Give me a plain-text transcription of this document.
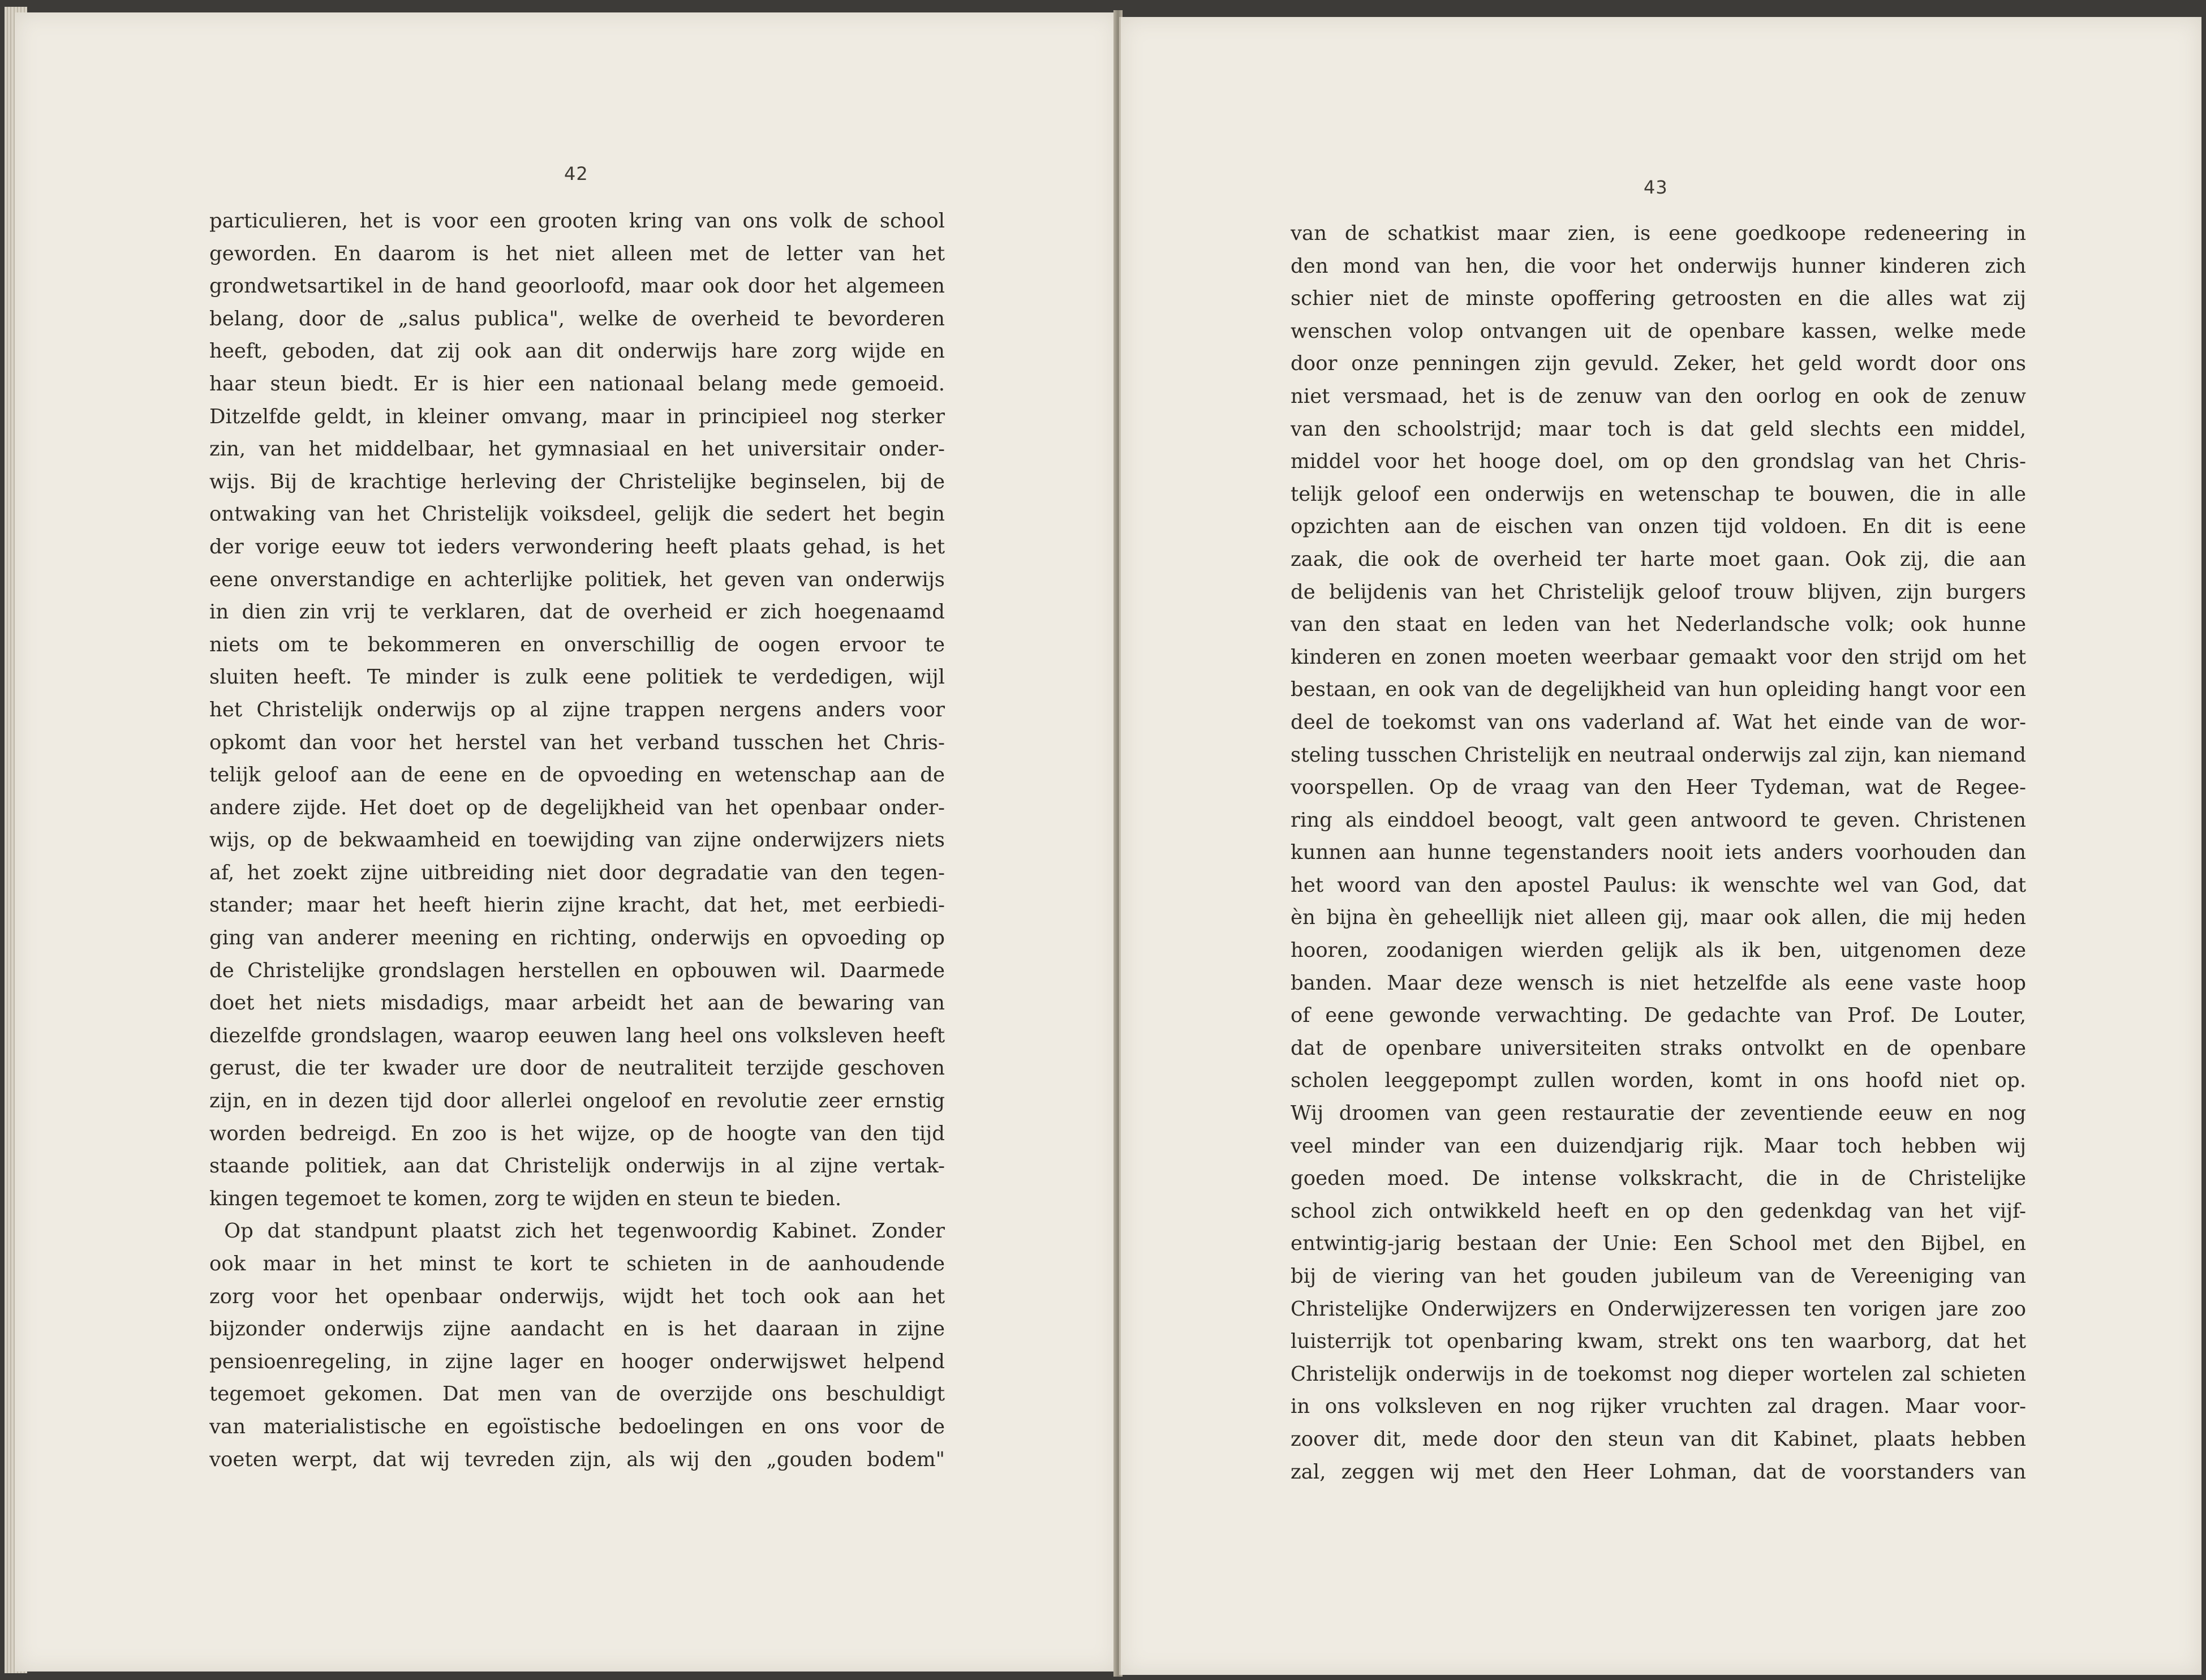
42
43
particulieren, het is voor een grooten kring van ons volk de school
geworden. En daarom is het niet alleen met de letter van het
grondwetsartikel in de hand geoorloofd, maar ook door het algemeen
belang, door de „salus publica", welke de overheid te bevorderen
heeft, geboden, dat zij ook aan dit onderwijs hare zorg wijde en
haar steun biedt. Er is hier een nationaal belang mede gemoeid.
Ditzelfde geldt, in kleiner omvang, maar in principieel nog sterker
zin, van het middelbaar, het gymnasiaal en het universitair onder-
wijs. Bij de krachtige herleving der Christelijke beginselen, bij de
ontwaking van het Christelijk voiksdeel, gelijk die sedert het begin
der vorige eeuw tot ieders verwondering heeft plaats gehad, is het
eene onverstandige en achterlijke politiek, het geven van onderwijs
in dien zin vrij te verklaren, dat de overheid er zich hoegenaamd
niets om te bekommeren en onverschillig de oogen ervoor te
sluiten heeft. Te minder is zulk eene politiek te verdedigen, wijl
het Christelijk onderwijs op al zijne trappen nergens anders voor
opkomt dan voor het herstel van het verband tusschen het Chris-
telijk geloof aan de eene en de opvoeding en wetenschap aan de
andere zijde. Het doet op de degelijkheid van het openbaar onder-
wijs, op de bekwaamheid en toewijding van zijne onderwijzers niets
af, het zoekt zijne uitbreiding niet door degradatie van den tegen-
stander; maar het heeft hierin zijne kracht, dat het, met eerbiedi-
ging van anderer meening en richting, onderwijs en opvoeding op
de Christelijke grondslagen herstellen en opbouwen wil. Daarmede
doet het niets misdadigs, maar arbeidt het aan de bewaring van
diezelfde grondslagen, waarop eeuwen lang heel ons volksleven heeft
gerust, die ter kwader ure door de neutraliteit terzijde geschoven
zijn, en in dezen tijd door allerlei ongeloof en revolutie zeer ernstig
worden bedreigd. En zoo is het wijze, op de hoogte van den tijd
staande politiek, aan dat Christelijk onderwijs in al zijne vertak-
kingen tegemoet te komen, zorg te wijden en steun te bieden.
Op dat standpunt plaatst zich het tegenwoordig Kabinet. Zonder
ook maar in het minst te kort te schieten in de aanhoudende
zorg voor het openbaar onderwijs, wijdt het toch ook aan het
bijzonder onderwijs zijne aandacht en is het daaraan in zijne
pensioenregeling, in zijne lager en hooger onderwijswet helpend
tegemoet gekomen. Dat men van de overzijde ons beschuldigt
van materialistische en egoïstische bedoelingen en ons voor de
voeten werpt, dat wij tevreden zijn, als wij den „gouden bodem"
van de schatkist maar zien, is eene goedkoope redeneering in
den mond van hen, die voor het onderwijs hunner kinderen zich
schier niet de minste opoffering getroosten en die alles wat zij
wenschen volop ontvangen uit de openbare kassen, welke mede
door onze penningen zijn gevuld. Zeker, het geld wordt door ons
niet versmaad, het is de zenuw van den oorlog en ook de zenuw
van den schoolstrijd; maar toch is dat geld slechts een middel,
middel voor het hooge doel, om op den grondslag van het Chris-
telijk geloof een onderwijs en wetenschap te bouwen, die in alle
opzichten aan de eischen van onzen tijd voldoen. En dit is eene
zaak, die ook de overheid ter harte moet gaan. Ook zij, die aan
de belijdenis van het Christelijk geloof trouw blijven, zijn burgers
van den staat en leden van het Nederlandsche volk; ook hunne
kinderen en zonen moeten weerbaar gemaakt voor den strijd om het
bestaan, en ook van de degelijkheid van hun opleiding hangt voor een
deel de toekomst van ons vaderland af. Wat het einde van de wor-
steling tusschen Christelijk en neutraal onderwijs zal zijn, kan niemand
voorspellen. Op de vraag van den Heer Tydeman, wat de Regee-
ring als einddoel beoogt, valt geen antwoord te geven. Christenen
kunnen aan hunne tegenstanders nooit iets anders voorhouden dan
het woord van den apostel Paulus: ik wenschte wel van God, dat
èn bijna èn geheellijk niet alleen gij, maar ook allen, die mij heden
hooren, zoodanigen wierden gelijk als ik ben, uitgenomen deze
banden. Maar deze wensch is niet hetzelfde als eene vaste hoop
of eene gewonde verwachting. De gedachte van Prof. De Louter,
dat de openbare universiteiten straks ontvolkt en de openbare
scholen leeggepompt zullen worden, komt in ons hoofd niet op.
Wij droomen van geen restauratie der zeventiende eeuw en nog
veel minder van een duizendjarig rijk. Maar toch hebben wij
goeden moed. De intense volkskracht, die in de Christelijke
school zich ontwikkeld heeft en op den gedenkdag van het vijf-
entwintig-jarig bestaan der Unie: Een School met den Bijbel, en
bij de viering van het gouden jubileum van de Vereeniging van
Christelijke Onderwijzers en Onderwijzeressen ten vorigen jare zoo
luisterrijk tot openbaring kwam, strekt ons ten waarborg, dat het
Christelijk onderwijs in de toekomst nog dieper wortelen zal schieten
in ons volksleven en nog rijker vruchten zal dragen. Maar voor-
zoover dit, mede door den steun van dit Kabinet, plaats hebben
zal, zeggen wij met den Heer Lohman, dat de voorstanders van
